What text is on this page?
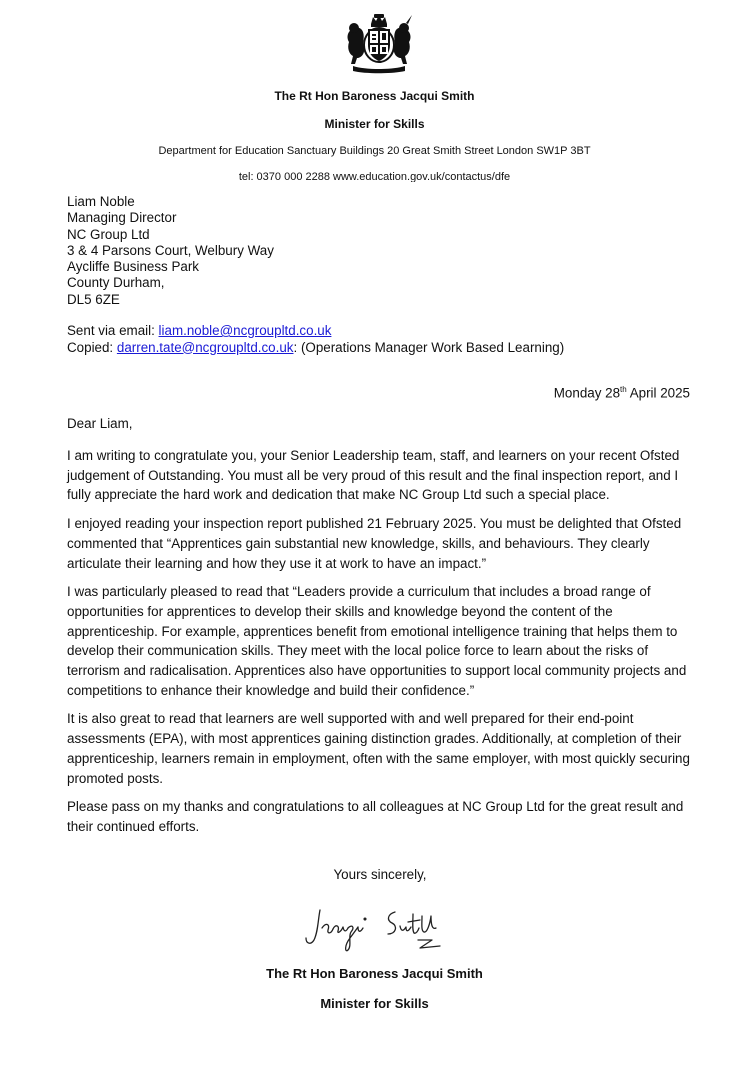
The Rt Hon Baroness Jacqui Smith
Minister for Skills
Department for Education Sanctuary Buildings 20 Great Smith Street London SW1P 3BT
tel: 0370 000 2288 www.education.gov.uk/contactus/dfe
Liam Noble
Managing Director
NC Group Ltd
3 & 4 Parsons Court, Welbury Way
Aycliffe Business Park
County Durham,
DL5 6ZE
Sent via email: liam.noble@ncgroupltd.co.uk
Copied: darren.tate@ncgroupltd.co.uk: (Operations Manager Work Based Learning)
Monday 28th April 2025
Dear Liam,

I am writing to congratulate you, your Senior Leadership team, staff, and learners on your recent Ofsted judgement of Outstanding. You must all be very proud of this result and the final inspection report, and I fully appreciate the hard work and dedication that make NC Group Ltd such a special place.

I enjoyed reading your inspection report published 21 February 2025. You must be delighted that Ofsted commented that “Apprentices gain substantial new knowledge, skills, and behaviours. They clearly articulate their learning and how they use it at work to have an impact.”

I was particularly pleased to read that “Leaders provide a curriculum that includes a broad range of opportunities for apprentices to develop their skills and knowledge beyond the content of the apprenticeship. For example, apprentices benefit from emotional intelligence training that helps them to develop their communication skills. They meet with the local police force to learn about the risks of terrorism and radicalisation. Apprentices also have opportunities to support local community projects and competitions to enhance their knowledge and build their confidence.”

It is also great to read that learners are well supported with and well prepared for their end-point assessments (EPA), with most apprentices gaining distinction grades. Additionally, at completion of their apprenticeship, learners remain in employment, often with the same employer, with most quickly securing promoted posts.

Please pass on my thanks and congratulations to all colleagues at NC Group Ltd for the great result and their continued efforts.

Yours sincerely,
The Rt Hon Baroness Jacqui Smith
Minister for Skills
